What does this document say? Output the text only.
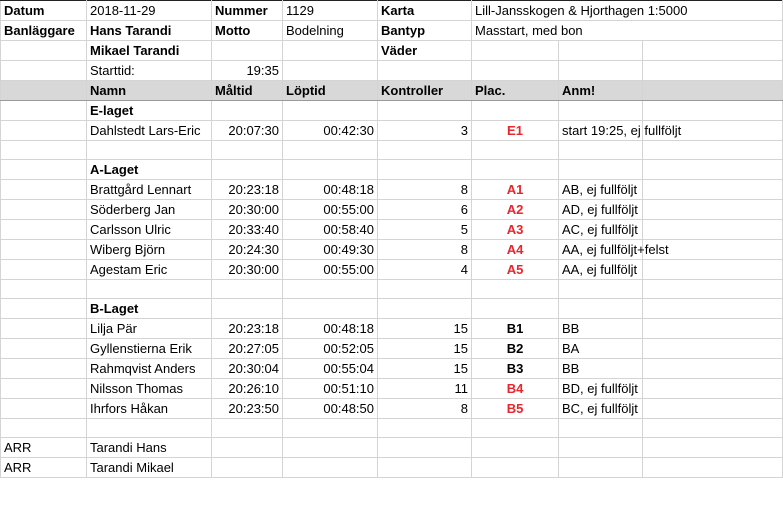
Datum	2018-11-29	Nummer	1129	Karta	Lill-Jansskogen & Hjorthagen 1:5000		
Banläggare	Hans Tarandi	Motto	Bodelning	Bantyp	Masstart, med bon		
	Mikael Tarandi			Väder			
	Starttid:	19:35					
	Namn	Måltid	Löptid	Kontroller	Plac.	Anm!	
	E-laget						
	Dahlstedt Lars-Eric	20:07:30	00:42:30	3	E1	start 19:25, ej fullföljt	

	A-Laget						
	Brattgård Lennart	20:23:18	00:48:18	8	A1	AB, ej fullföljt	
	Söderberg Jan	20:30:00	00:55:00	6	A2	AD, ej fullföljt	
	Carlsson Ulric	20:33:40	00:58:40	5	A3	AC, ej fullföljt	
	Wiberg Björn	20:24:30	00:49:30	8	A4	AA, ej fullföljt+felst	
	Agestam Eric	20:30:00	00:55:00	4	A5	AA, ej fullföljt	

	B-Laget						
	Lilja Pär	20:23:18	00:48:18	15	B1	BB	
	Gyllenstierna Erik	20:27:05	00:52:05	15	B2	BA	
	Rahmqvist Anders	20:30:04	00:55:04	15	B3	BB	
	Nilsson Thomas	20:26:10	00:51:10	11	B4	BD, ej fullföljt	
	Ihrfors Håkan	20:23:50	00:48:50	8	B5	BC, ej fullföljt	

ARR	Tarandi Hans						
ARR	Tarandi Mikael						
